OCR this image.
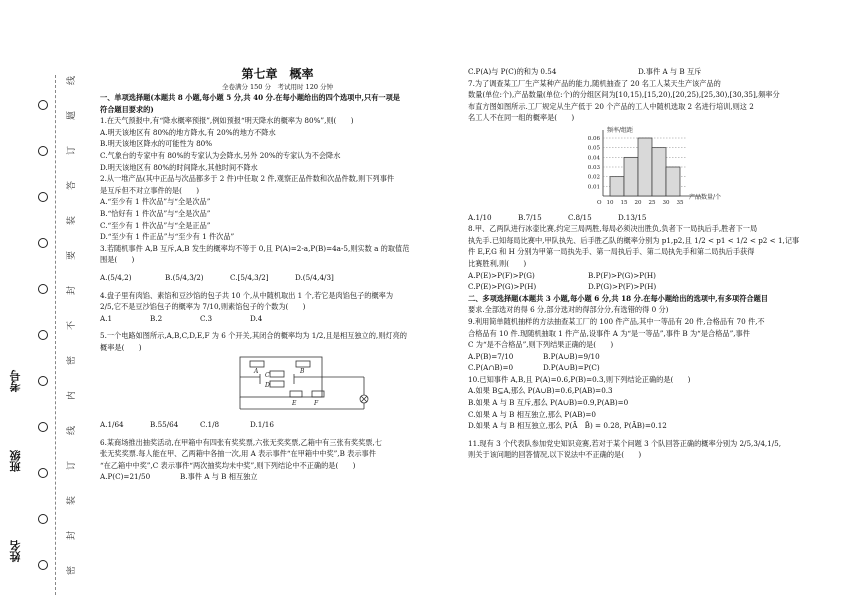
考号
班级
姓名
线
题
订
答
装
要
封
不
密
内
线
订
装
封
密

第七章　概率

全卷满分 150 分　考试用时 120 分钟

一、单项选择题(本题共 8 小题,每小题 5 分,共 40 分.在每小题给出的四个选项中,只有一项是

符合题目要求的)

1.在天气预报中,有“降水概率预报”,例如预报“明天降水的概率为 80%”,则(　　)

A.明天该地区有 80%的地方降水,有 20%的地方不降水

B.明天该地区降水的可能性为 80%

C.气象台的专家中有 80%的专家认为会降水,另外 20%的专家认为不会降水

D.明天该地区有 80%的时间降水,其他时间不降水

2.从一堆产品(其中正品与次品都多于 2 件)中任取 2 件,观察正品件数和次品件数,则下列事件

是互斥但不对立事件的是(　　)

A.“至少有 1 件次品”与“全是次品”

B.“恰好有 1 件次品”与“全是次品”

C.“至少有 1 件次品”与“全是正品”

D.“至少有 1 件正品”与“至少有 1 件次品”

3.若随机事件 A,B 互斥,A,B 发生的概率均不等于 0,且 P(A)=2-a,P(B)=4a-5,则实数 a 的取值范

围是(　　)

A.(5/4,2)	B.(5/4,3/2)	C.[5/4,3/2]	D.(5/4,4/3]

4.盘子里有肉馅、素馅和豆沙馅的包子共 10 个,从中随机取出 1 个,若它是肉馅包子的概率为

2/5,它不是豆沙馅包子的概率为 7/10,则素馅包子的个数为(　　)

A.1	B.2	C.3	D.4

5.一个电路如图所示,A,B,C,D,E,F 为 6 个开关,其闭合的概率均为 1/2,且是相互独立的,则灯亮的

概率是(　　)

A	B
C
D
E	F
A.1/64	B.55/64	C.1/8	D.1/16

6.某商场推出抽奖活动,在甲箱中有四张有奖奖票,六张无奖奖票,乙箱中有三张有奖奖票,七

张无奖奖票.每人能在甲、乙两箱中各抽一次,用 A 表示事件“在甲箱中中奖”,B 表示事件

“在乙箱中中奖”,C 表示事件“两次抽奖均未中奖”,则下列结论中不正确的是(　　)

A.P(C)=21/50	B.事件 A 与 B 相互独立
C.P(A)与 P(C)的和为 0.54	D.事件 A 与 B 互斥

7.为了调查某工厂生产某种产品的能力,随机抽查了 20 名工人某天生产该产品的

数量(单位:个),产品数量(单位:个)的分组区间为[10,15),[15,20),[20,25),[25,30),[30,35],频率分

布直方图如图所示.工厂规定从生产低于 20 个产品的工人中随机选取 2 名进行培训,则这 2

名工人不在同一组的概率是(　　)

频率/组距
产品数量/个
0.06
0.05
0.04
0.03
0.02
0.01
10 15 20 25 30 35
O
A.1/10	B.7/15	C.8/15	D.13/15

8.甲、乙两队进行冰壶比赛,约定三局两胜,每局必须决出胜负,负者下一局执后手,胜者下一局

执先手.已知每局比赛中,甲队执先、后手胜乙队的概率分别为 p1,p2,且 1/2 < p1 < 1/2 < p2 < 1,记事

件 E,F,G 和 H 分别为甲第一局执先手、第一局执后手、第二局执先手和第二局执后手获得

比赛胜利,则(　　)

A.P(E)>P(F)>P(G)	B.P(F)>P(G)>P(H)
C.P(E)>P(G)>P(H)	D.P(G)>P(F)>P(H)

二、多项选择题(本题共 3 小题,每小题 6 分,共 18 分.在每小题给出的选项中,有多项符合题目

要求.全部选对的得 6 分,部分选对的得部分分,有选错的得 0 分)

9.利用简单随机抽样的方法抽查某工厂的 100 件产品,其中一等品有 20 件,合格品有 70 件,不

合格品有 10 件.现随机抽取 1 件产品,设事件 A 为“是一等品”,事件 B 为“是合格品”,事件

C 为“是不合格品”,则下列结果正确的是(　　)

A.P(B)=7/10	B.P(A∪B)=9/10
C.P(A∩B)=0	D.P(A∪B)=P(C)

10.已知事件 A,B,且 P(A)=0.6,P(B)=0.3,则下列结论正确的是(　　)

A.如果 B⊆A,那么 P(A∪B)=0.6,P(AB)=0.3

B.如果 A 与 B 互斥,那么 P(A∪B)=0.9,P(AB)=0

C.如果 A 与 B 相互独立,那么 P(AB)=0

D.如果 A 与 B 相互独立,那么 P(Ā　B̄) = 0.28, P(ĀB)=0.12

11.现有 3 个代表队参加党史知识竞赛,若对于某个问题 3 个队回答正确的概率分别为 2/5,3/4,1/5,

则关于该问题的回答情况,以下说法中不正确的是(　　)
